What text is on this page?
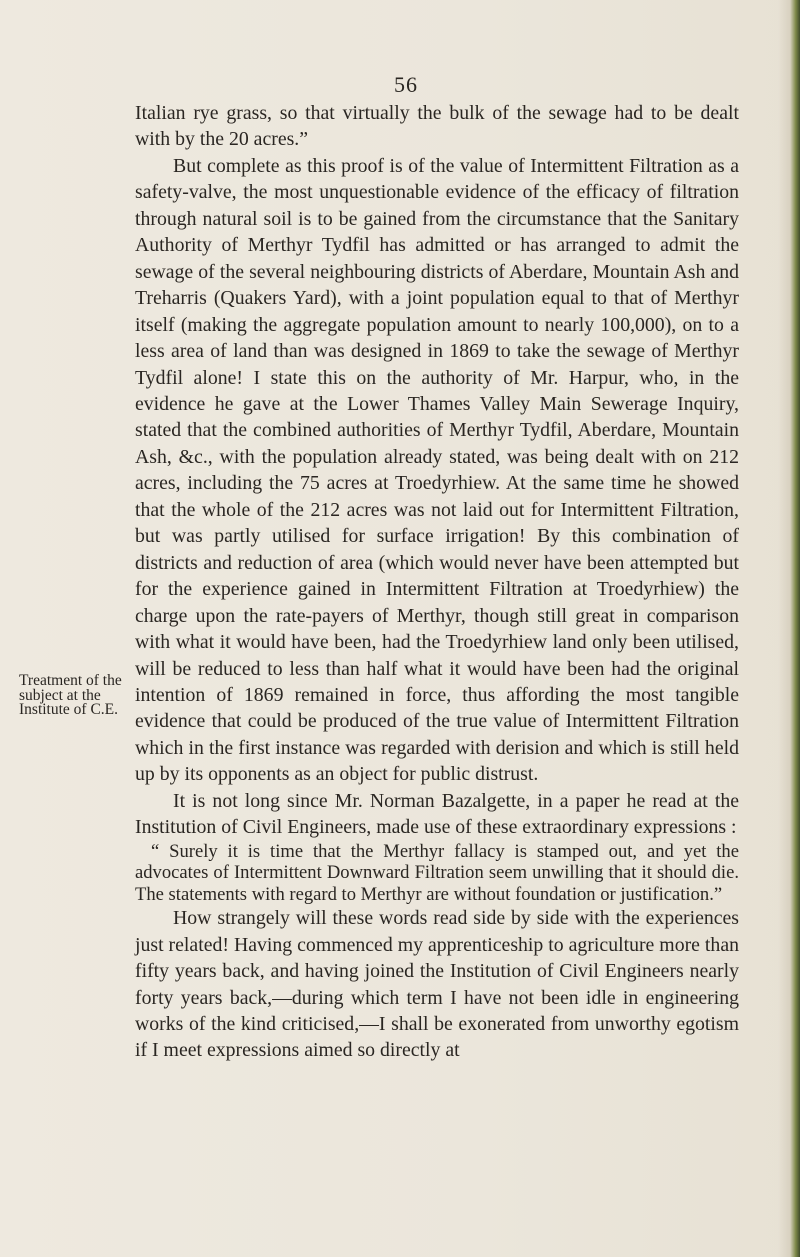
56
Treatment of the subject at the Institute of C.E.

Italian rye grass, so that virtually the bulk of the sewage had to be dealt with by the 20 acres.”

But complete as this proof is of the value of Intermittent Filtration as a safety-valve, the most unquestionable evidence of the efficacy of filtration through natural soil is to be gained from the circumstance that the Sanitary Authority of Merthyr Tydfil has admitted or has arranged to admit the sewage of the several neighbouring districts of Aberdare, Mountain Ash and Treharris (Quakers Yard), with a joint population equal to that of Merthyr itself (making the aggregate population amount to nearly 100,000), on to a less area of land than was designed in 1869 to take the sewage of Merthyr Tydfil alone! I state this on the authority of Mr. Harpur, who, in the evidence he gave at the Lower Thames Valley Main Sewerage Inquiry, stated that the combined authorities of Merthyr Tydfil, Aberdare, Mountain Ash, &c., with the population already stated, was being dealt with on 212 acres, including the 75 acres at Troedyrhiew. At the same time he showed that the whole of the 212 acres was not laid out for Intermittent Filtration, but was partly utilised for surface irrigation! By this combination of districts and reduction of area (which would never have been attempted but for the experience gained in Intermittent Filtration at Troedyrhiew) the charge upon the rate-payers of Merthyr, though still great in comparison with what it would have been, had the Troedyrhiew land only been utilised, will be reduced to less than half what it would have been had the original intention of 1869 remained in force, thus affording the most tangible evidence that could be produced of the true value of Intermittent Filtration which in the first instance was regarded with derision and which is still held up by its opponents as an object for public distrust.

It is not long since Mr. Norman Bazalgette, in a paper he read at the Institution of Civil Engineers, made use of these extraordinary expressions :

“ Surely it is time that the Merthyr fallacy is stamped out, and yet the advocates of Intermittent Downward Filtration seem unwilling that it should die. The statements with regard to Merthyr are without foundation or justification.”

How strangely will these words read side by side with the experiences just related! Having commenced my apprenticeship to agriculture more than fifty years back, and having joined the Institution of Civil Engineers nearly forty years back,—during which term I have not been idle in engineering works of the kind criticised,—I shall be exonerated from unworthy egotism if I meet expressions aimed so directly at
